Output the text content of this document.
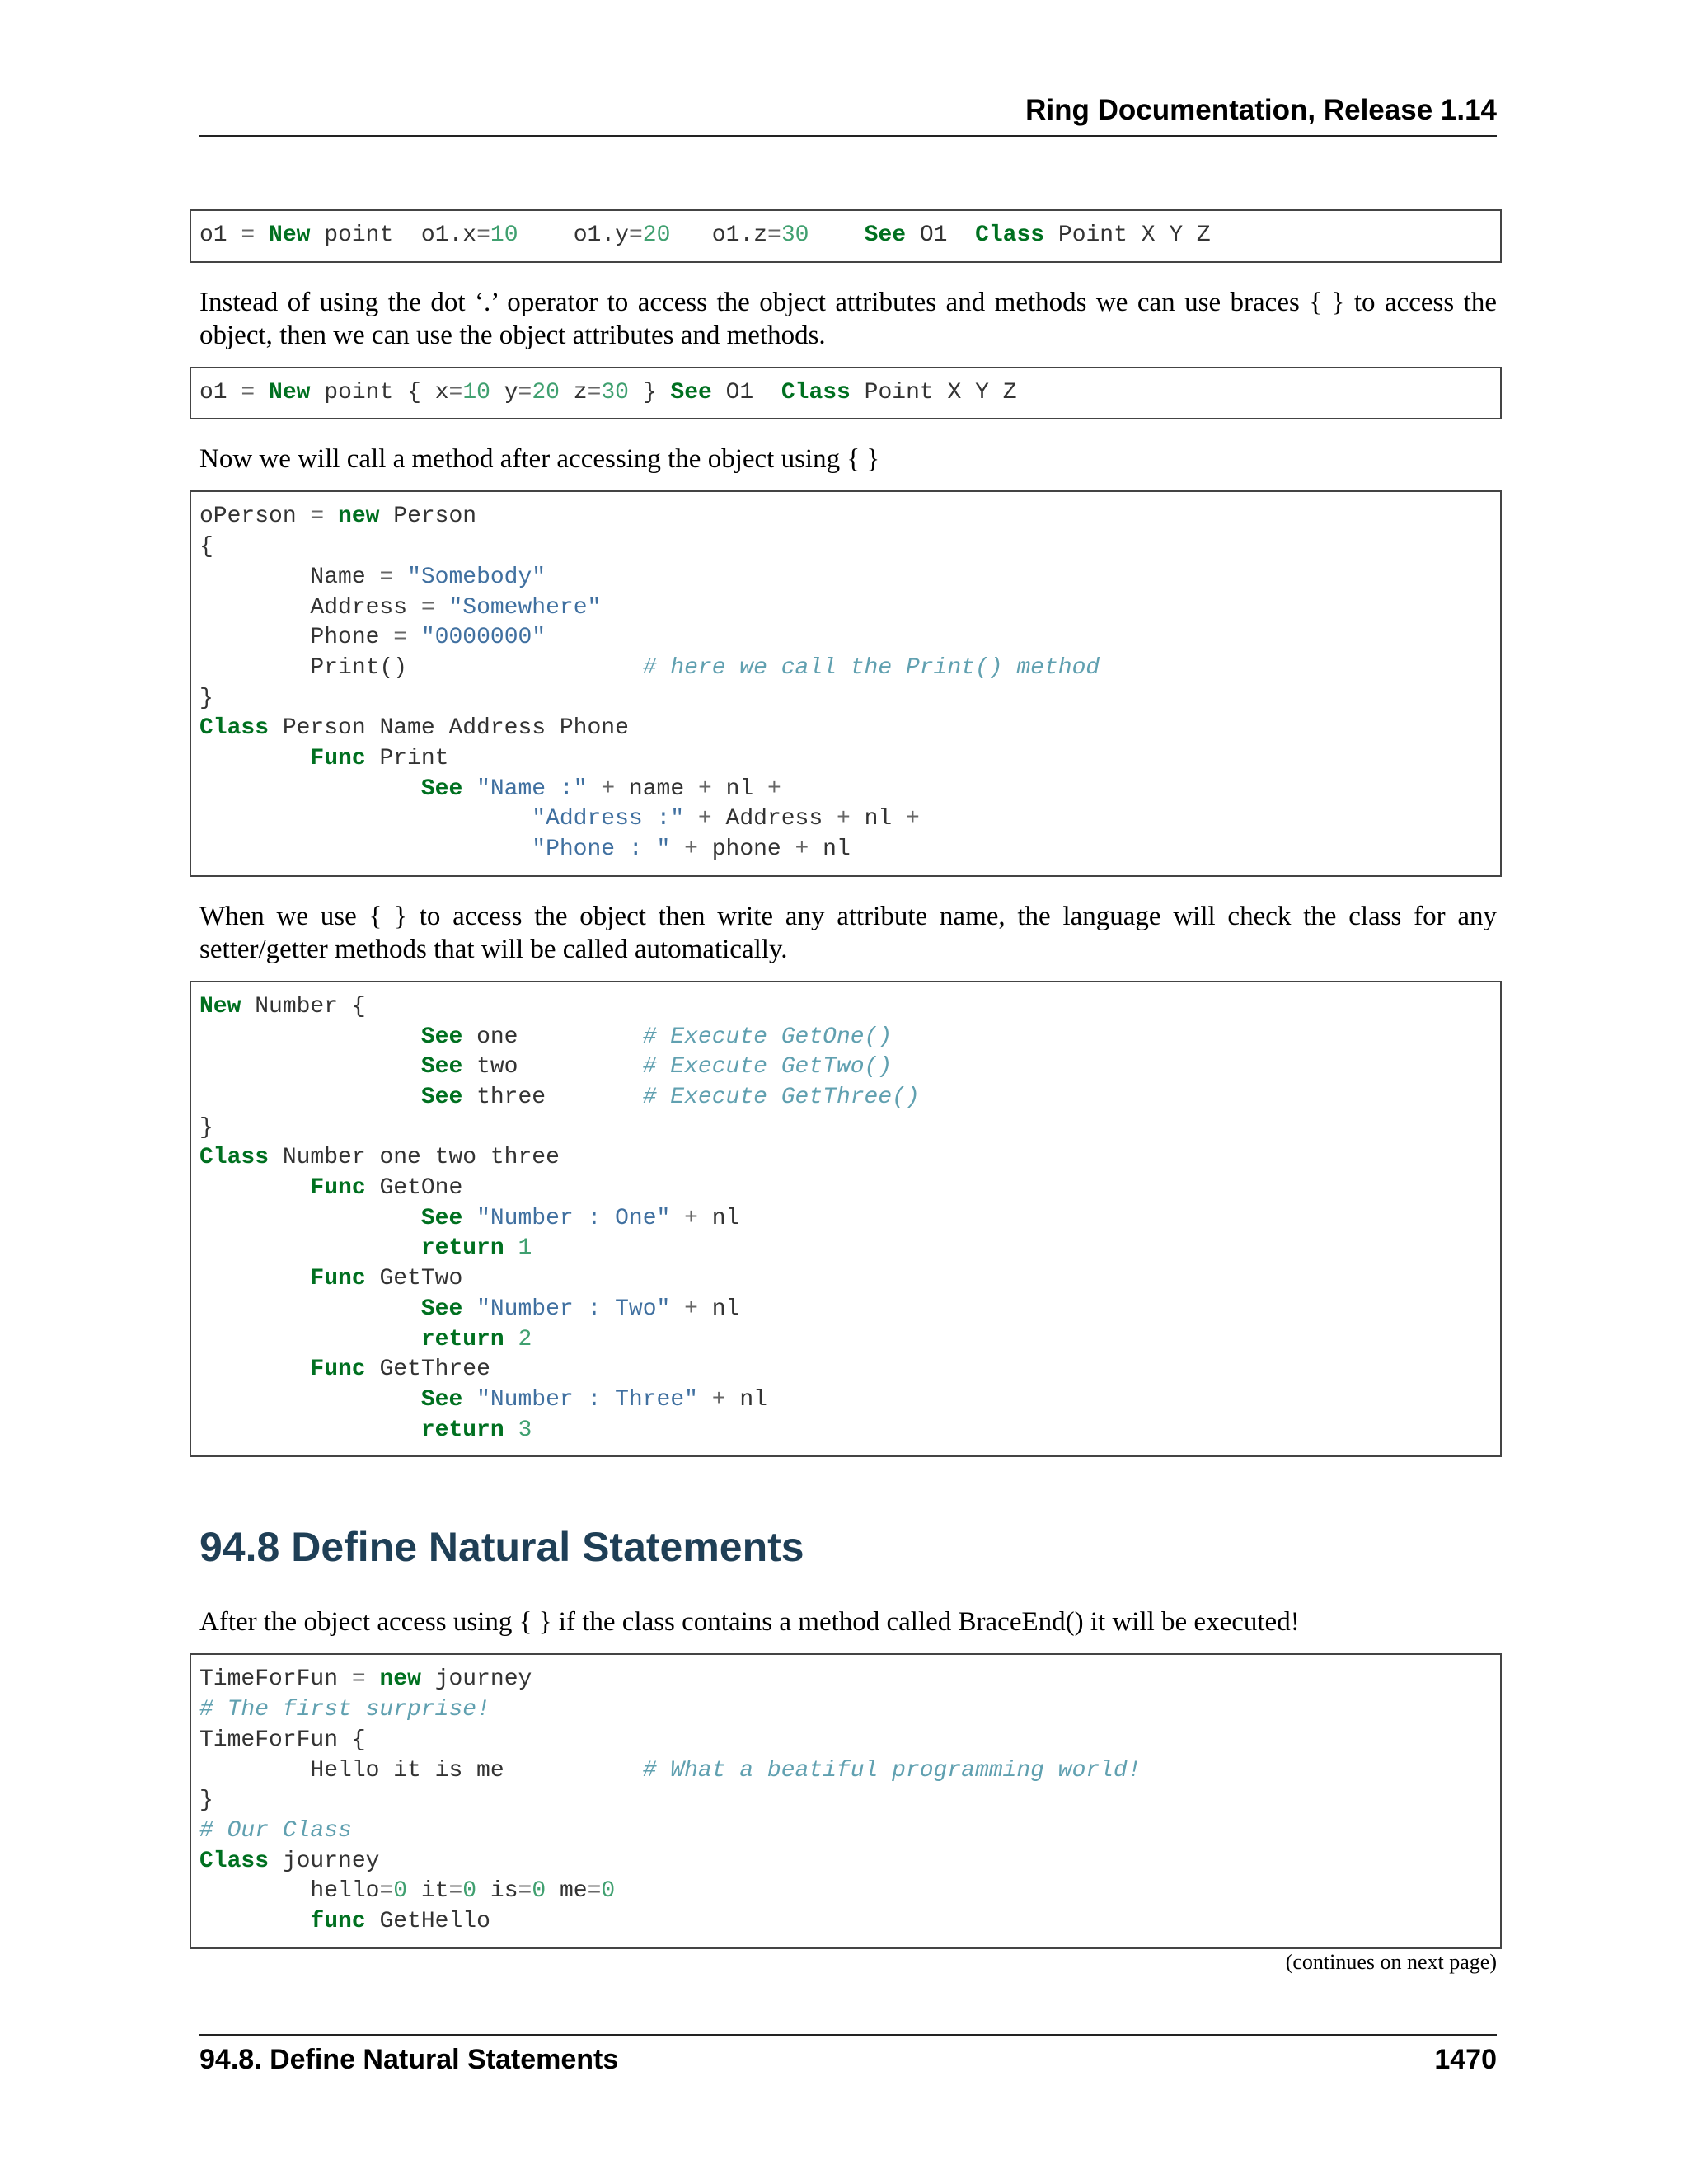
Ring Documentation, Release 1.14
o1 = New point  o1.x=10    o1.y=20   o1.z=30 See O1  Class Point X Y Z
Instead of using the dot ‘.’ operator to access the object attributes and methods we can use braces { } to access the object, then we can use the object attributes and methods.
o1 = New point { x=10 y=20 z=30 } See O1  Class Point X Y Z
Now we will call a method after accessing the object using { }
oPerson = new Person
{
Name = "Somebody"
Address = "Somewhere"
Phone = "0000000"
Print()                 # here we call the Print() method
}
Class Person Name Address Phone
Func Print
See "Name :" + name + nl +
"Address :" + Address + nl +
"Phone : " + phone + nl
When we use { } to access the object then write any attribute name, the language will check the class for any setter/getter methods that will be called automatically.
New Number {
See one         # Execute GetOne()
See two         # Execute GetTwo()
See three       # Execute GetThree()
}
Class Number one two three
Func GetOne
See "Number : One" + nl
return 1
Func GetTwo
See "Number : Two" + nl
return 2
Func GetThree
See "Number : Three" + nl
return 3
94.8 Define Natural Statements
After the object access using { } if the class contains a method called BraceEnd() it will be executed!
TimeForFun = new journey
# The first surprise!
TimeForFun {
Hello it is me          # What a beatiful programming world!
}
# Our Class
Class journey
hello=0 it=0 is=0 me=0
func GetHello
(continues on next page)
94.8. Define Natural Statements	1470
